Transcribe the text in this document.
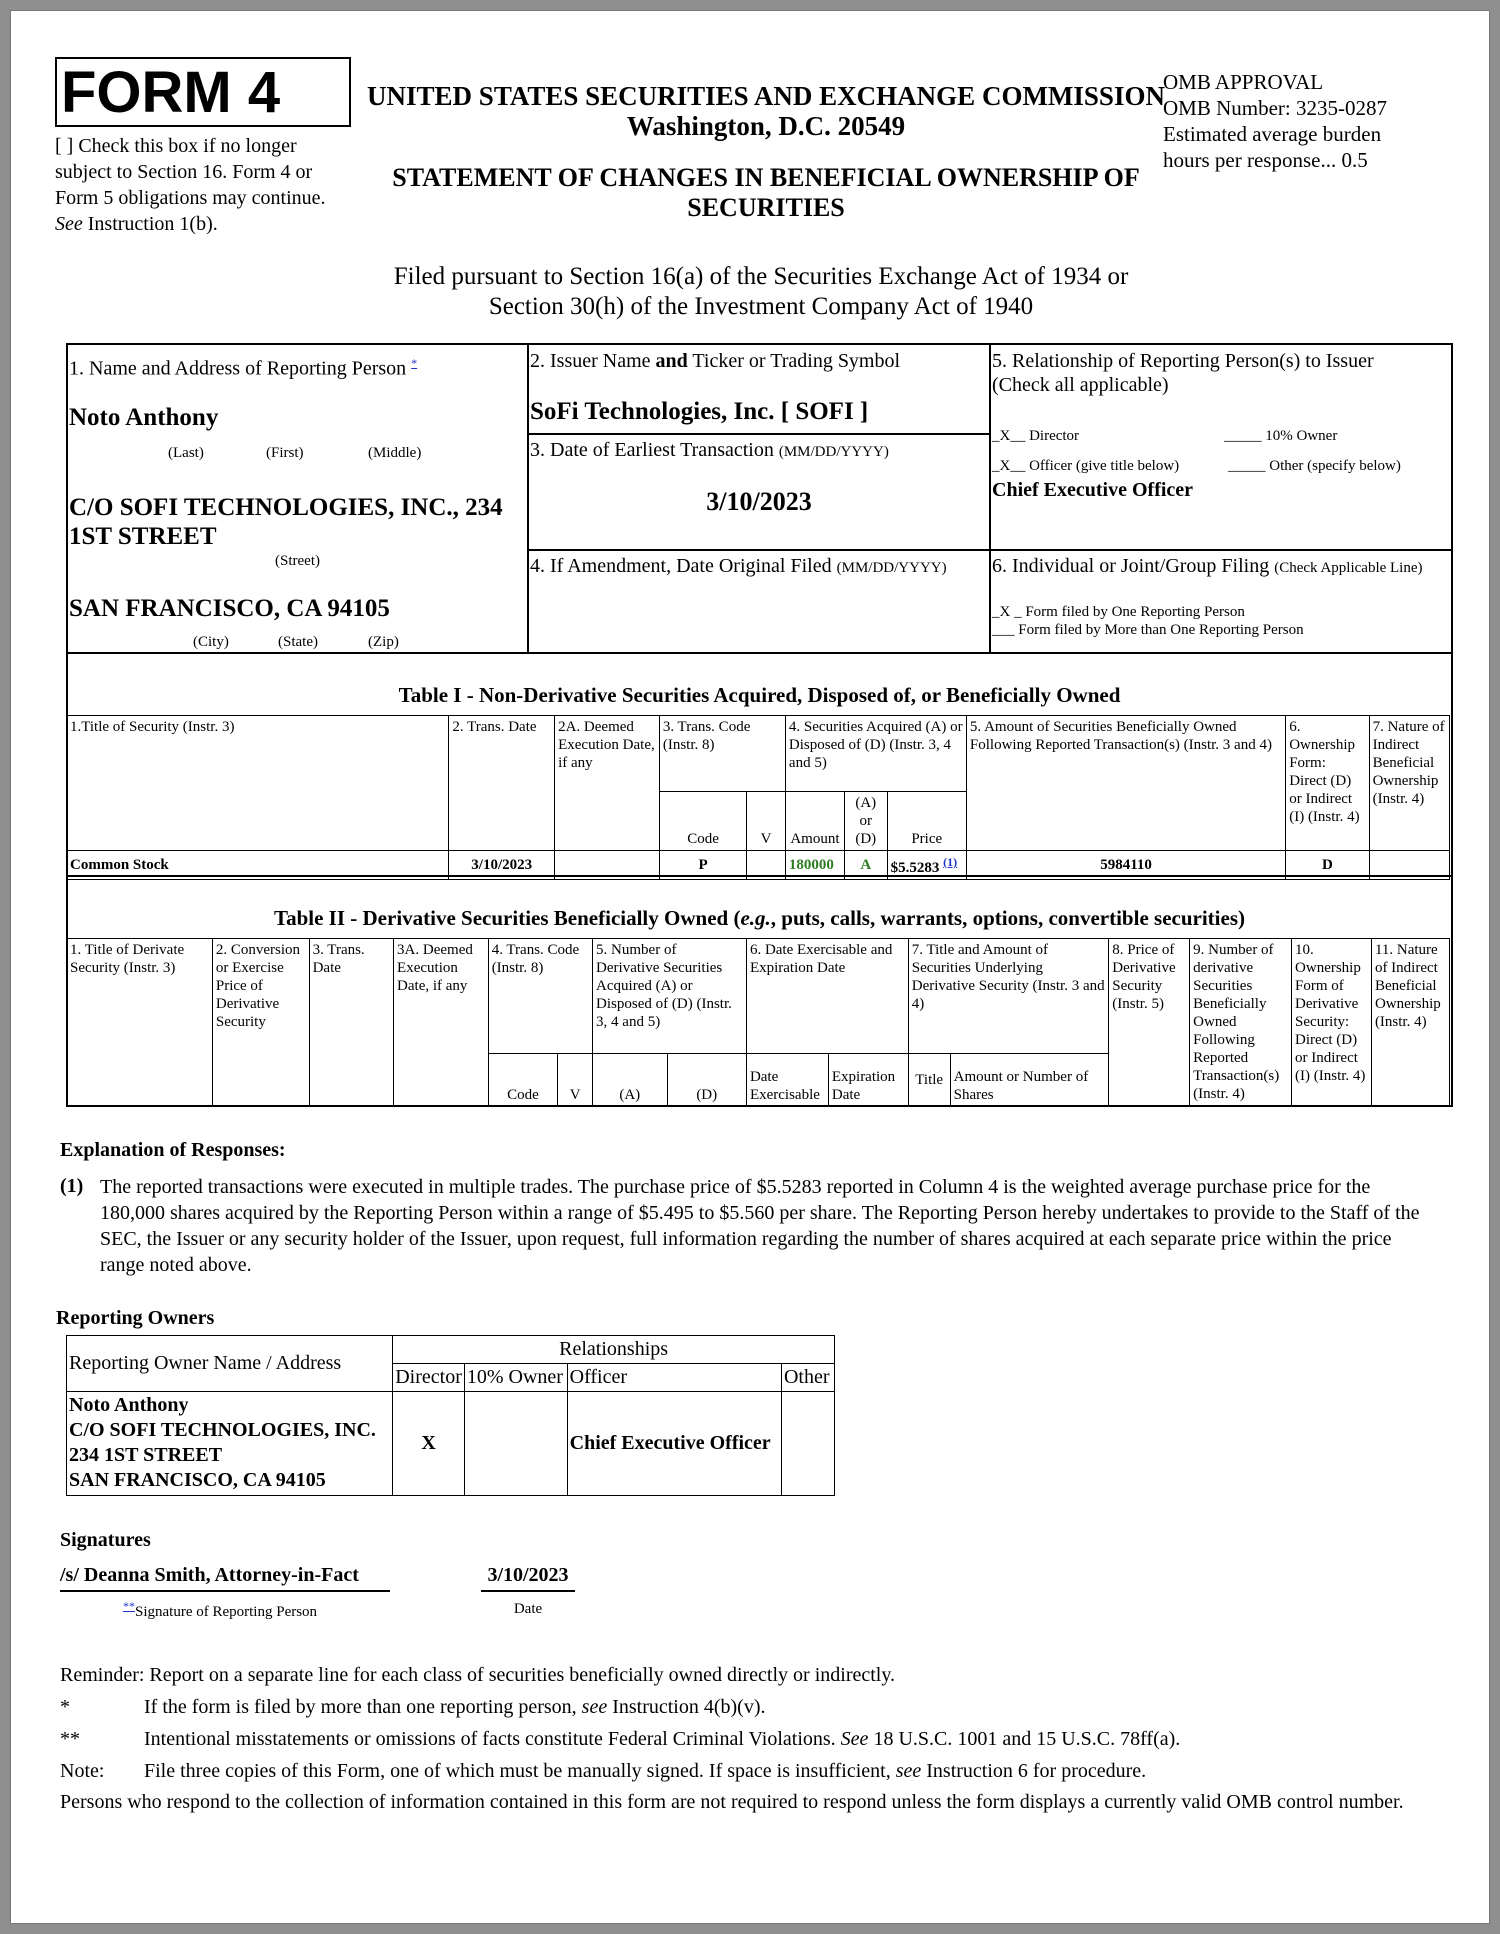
FORM 4
[ ] Check this box if no longer subject to Section 16. Form 4 or Form 5 obligations may continue. See Instruction 1(b).
UNITED STATES SECURITIES AND EXCHANGE COMMISSION
Washington, D.C. 20549
STATEMENT OF CHANGES IN BENEFICIAL OWNERSHIP OF SECURITIES
OMB APPROVAL
OMB Number: 3235-0287
Estimated average burden
hours per response... 0.5
Filed pursuant to Section 16(a) of the Securities Exchange Act of 1934 or
Section 30(h) of the Investment Company Act of 1940
1. Name and Address of Reporting Person *
Noto Anthony
(Last)	(First)	(Middle)
C/O SOFI TECHNOLOGIES, INC., 234 1ST STREET
(Street)
SAN FRANCISCO, CA 94105
(City)	(State)	(Zip)
2. Issuer Name and Ticker or Trading Symbol
SoFi Technologies, Inc. [ SOFI ]
3. Date of Earliest Transaction (MM/DD/YYYY)
3/10/2023
4. If Amendment, Date Original Filed (MM/DD/YYYY)
5. Relationship of Reporting Person(s) to Issuer
(Check all applicable)
_X__ Director	_____ 10% Owner
_X__ Officer (give title below)	_____ Other (specify below)
Chief Executive Officer
6. Individual or Joint/Group Filing (Check Applicable Line)
_X _ Form filed by One Reporting Person
___ Form filed by More than One Reporting Person
Table I - Non-Derivative Securities Acquired, Disposed of, or Beneficially Owned
1.Title of Security (Instr. 3)	2. Trans. Date	2A. Deemed Execution Date, if any	3. Trans. Code (Instr. 8)		4. Securities Acquired (A) or Disposed of (D) (Instr. 3, 4 and 5)			5. Amount of Securities Beneficially Owned Following Reported Transaction(s) (Instr. 3 and 4)	6. Ownership Form: Direct (D) or Indirect (I) (Instr. 4)	7. Nature of Indirect Beneficial Ownership (Instr. 4)
			Code	V	Amount	(A) or (D)	Price			
Common Stock	3/10/2023		P		180000	A	$5.5283 $^{(1)}$	5984110	D	
Table II - Derivative Securities Beneficially Owned (e.g., puts, calls, warrants, options, convertible securities)
1. Title of Derivate Security (Instr. 3)	2. Conversion or Exercise Price of Derivative Security	3. Trans. Date	3A. Deemed Execution Date, if any	4. Trans. Code (Instr. 8)		5. Number of Derivative Securities Acquired (A) or Disposed of (D) (Instr. 3, 4 and 5)		6. Date Exercisable and Expiration Date		7. Title and Amount of Securities Underlying Derivative Security (Instr. 3 and 4)		8. Price of Derivative Security (Instr. 5)	9. Number of derivative Securities Beneficially Owned Following Reported Transaction(s) (Instr. 4)	10. Ownership Form of Derivative Security: Direct (D) or Indirect (I) (Instr. 4)	11. Nature of Indirect Beneficial Ownership (Instr. 4)
				Code	V	(A)	(D)	Date Exercisable	Expiration Date	Title	Amount or Number of Shares				
Explanation of Responses:
(1) The reported transactions were executed in multiple trades. The purchase price of $5.5283 reported in Column 4 is the weighted average purchase price for the 180,000 shares acquired by the Reporting Person within a range of $5.495 to $5.560 per share. The Reporting Person hereby undertakes to provide to the Staff of the SEC, the Issuer or any security holder of the Issuer, upon request, full information regarding the number of shares acquired at each separate price within the price range noted above.
Reporting Owners
Reporting Owner Name / Address	Relationships			
	Director	10% Owner	Officer	Other

Noto Anthony
C/O SOFI TECHNOLOGIES, INC.
234 1ST STREET
SAN FRANCISCO, CA 94105	X		Chief Executive Officer	
Signatures
/s/ Deanna Smith, Attorney-in-Fact	3/10/2023
**Signature of Reporting Person	Date
Reminder: Report on a separate line for each class of securities beneficially owned directly or indirectly.
*	If the form is filed by more than one reporting person, see Instruction 4(b)(v).
**	Intentional misstatements or omissions of facts constitute Federal Criminal Violations. See 18 U.S.C. 1001 and 15 U.S.C. 78ff(a).
Note:	File three copies of this Form, one of which must be manually signed. If space is insufficient, see Instruction 6 for procedure.
Persons who respond to the collection of information contained in this form are not required to respond unless the form displays a currently valid OMB control number.
